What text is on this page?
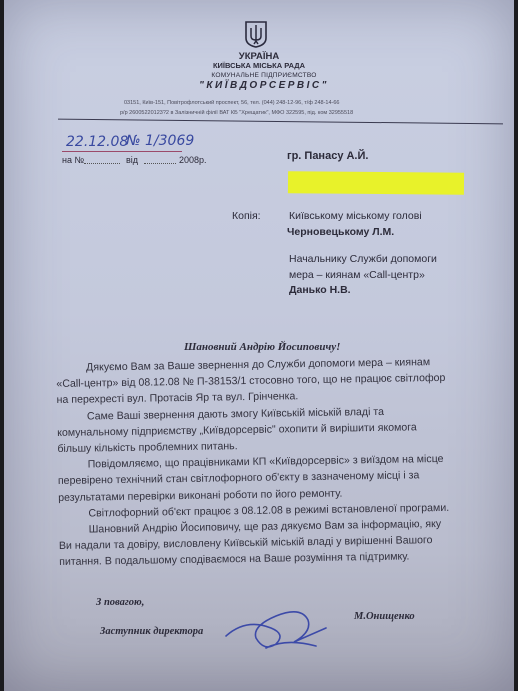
УКРАЇНА
КИЇВСЬКА МІСЬКА РАДА
КОМУНАЛЬНЕ ПІДПРИЄМСТВО
"КИЇВДОРСЕРВІС"
03151, Київ-151, Повітрофлотський проспект, 56, тел. (044) 248-12-96, т/ф 248-14-66
р/р 26005220123?2 в Залізничній філії ВАТ КБ "Хрещатик", МФО 322595, під. ком 32955518
22.12.08
№ 1/3069
на №	від	2008р.	гр. Панасу А.Й.
Копія:	Київському міському голові
Черновецькому Л.М.
Начальнику Служби допомоги
мера – киянам «Call-центр»
Данько Н.В.
Шановний Андрію Йосиповичу!
Дякуємо Вам за Ваше звернення до Служби допомоги мера – киянам
«Call-центр» від 08.12.08 № П-38153/1 стосовно того, що не працює світлофор
на перехресті вул. Протасів Яр та вул. Грінченка.
Саме Ваші звернення дають змогу Київській міській владі та
комунальному підприємству „Київдорсервіс" охопити й вирішити якомога
більшу кількість проблемних питань.
Повідомляємо, що працівниками КП «Київдорсервіс» з виїздом на місце
перевірено технічний стан світлофорного об'єкту в зазначеному місці і за
результатами перевірки виконані роботи по його ремонту.
Світлофорний об'єкт працює з 08.12.08 в режимі встановленої програми.
Шановний Андрію Йосиповичу, ще раз дякуємо Вам за інформацію, яку
Ви надали та довіру, висловлену Київській міській владі у вирішенні Вашого
питання. В подальшому сподіваємося на Ваше розуміння та підтримку.
З повагою,
Заступник директора
М.Онищенко
